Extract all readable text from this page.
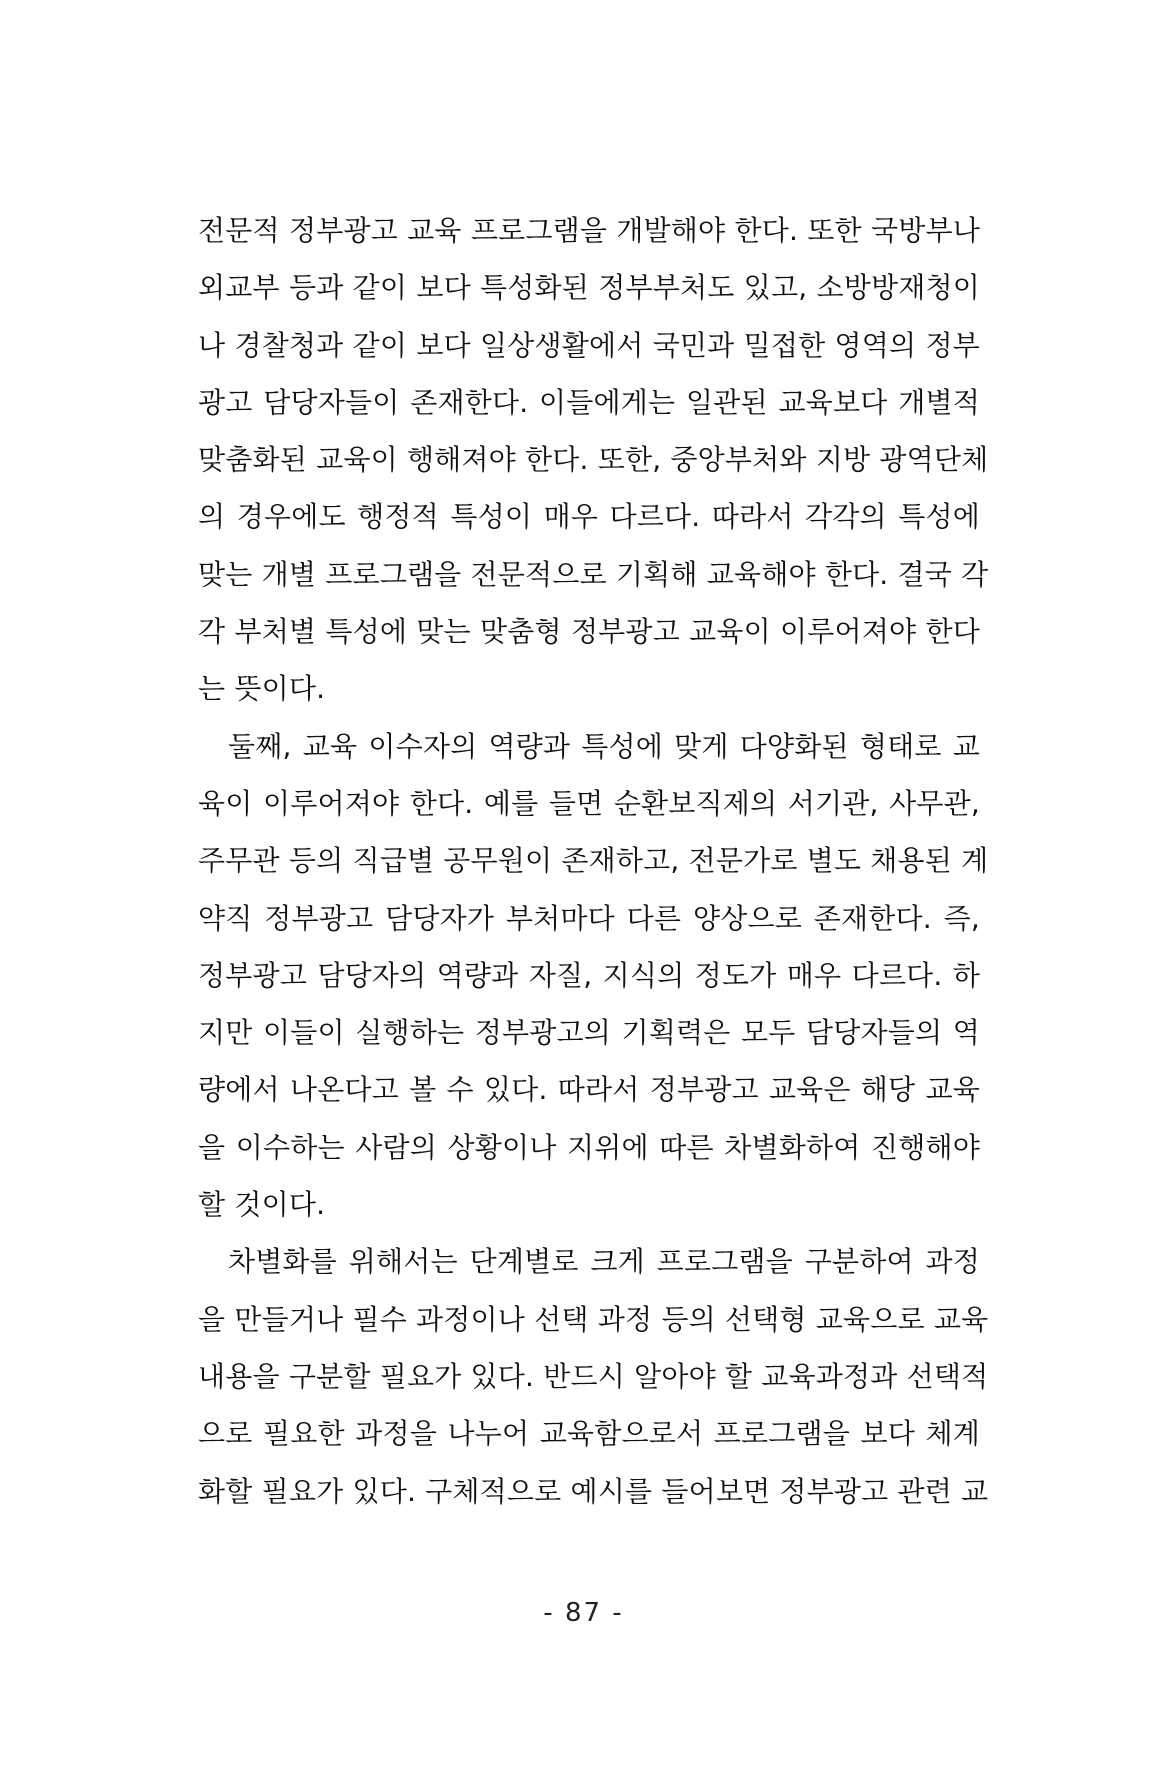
전문적 정부광고 교육 프로그램을 개발해야 한다. 또한 국방부나
외교부 등과 같이 보다 특성화된 정부부처도 있고, 소방방재청이
나 경찰청과 같이 보다 일상생활에서 국민과 밀접한 영역의 정부
광고 담당자들이 존재한다. 이들에게는 일관된 교육보다 개별적
맞춤화된 교육이 행해져야 한다. 또한, 중앙부처와 지방 광역단체
의 경우에도 행정적 특성이 매우 다르다. 따라서 각각의 특성에
맞는 개별 프로그램을 전문적으로 기획해 교육해야 한다. 결국 각
각 부처별 특성에 맞는 맞춤형 정부광고 교육이 이루어져야 한다
는 뜻이다.
둘째, 교육 이수자의 역량과 특성에 맞게 다양화된 형태로 교
육이 이루어져야 한다. 예를 들면 순환보직제의 서기관, 사무관,
주무관 등의 직급별 공무원이 존재하고, 전문가로 별도 채용된 계
약직 정부광고 담당자가 부처마다 다른 양상으로 존재한다. 즉,
정부광고 담당자의 역량과 자질, 지식의 정도가 매우 다르다. 하
지만 이들이 실행하는 정부광고의 기획력은 모두 담당자들의 역
량에서 나온다고 볼 수 있다. 따라서 정부광고 교육은 해당 교육
을 이수하는 사람의 상황이나 지위에 따른 차별화하여 진행해야
할 것이다.
차별화를 위해서는 단계별로 크게 프로그램을 구분하여 과정
을 만들거나 필수 과정이나 선택 과정 등의 선택형 교육으로 교육
내용을 구분할 필요가 있다. 반드시 알아야 할 교육과정과 선택적
으로 필요한 과정을 나누어 교육함으로서 프로그램을 보다 체계
화할 필요가 있다. 구체적으로 예시를 들어보면 정부광고 관련 교
- 87 -
